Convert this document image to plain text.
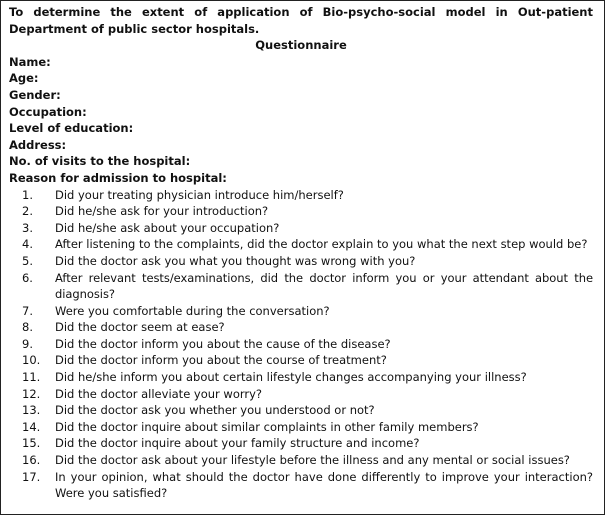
To determine the extent of application of Bio-psycho-social model in Out-patient Department of public sector hospitals.

Questionnaire

Name:
Age:
Gender:
Occupation:
Level of education:
Address:
No. of visits to the hospital:
Reason for admission to hospital:
1.	Did your treating physician introduce him/herself?
2.	Did he/she ask for your introduction?
3.	Did he/she ask about your occupation?
4.	After listening to the complaints, did the doctor explain to you what the next step would be?
5.	Did the doctor ask you what you thought was wrong with you?
6.	After relevant tests/examinations, did the doctor inform you or your attendant about the diagnosis?
7.	Were you comfortable during the conversation?
8.	Did the doctor seem at ease?
9.	Did the doctor inform you about the cause of the disease?
10.	Did the doctor inform you about the course of treatment?
11.	Did he/she inform you about certain lifestyle changes accompanying your illness?
12.	Did the doctor alleviate your worry?
13.	Did the doctor ask you whether you understood or not?
14.	Did the doctor inquire about similar complaints in other family members?
15.	Did the doctor inquire about your family structure and income?
16.	Did the doctor ask about your lifestyle before the illness and any mental or social issues?
17.	In your opinion, what should the doctor have done differently to improve your interaction? Were you satisfied?
